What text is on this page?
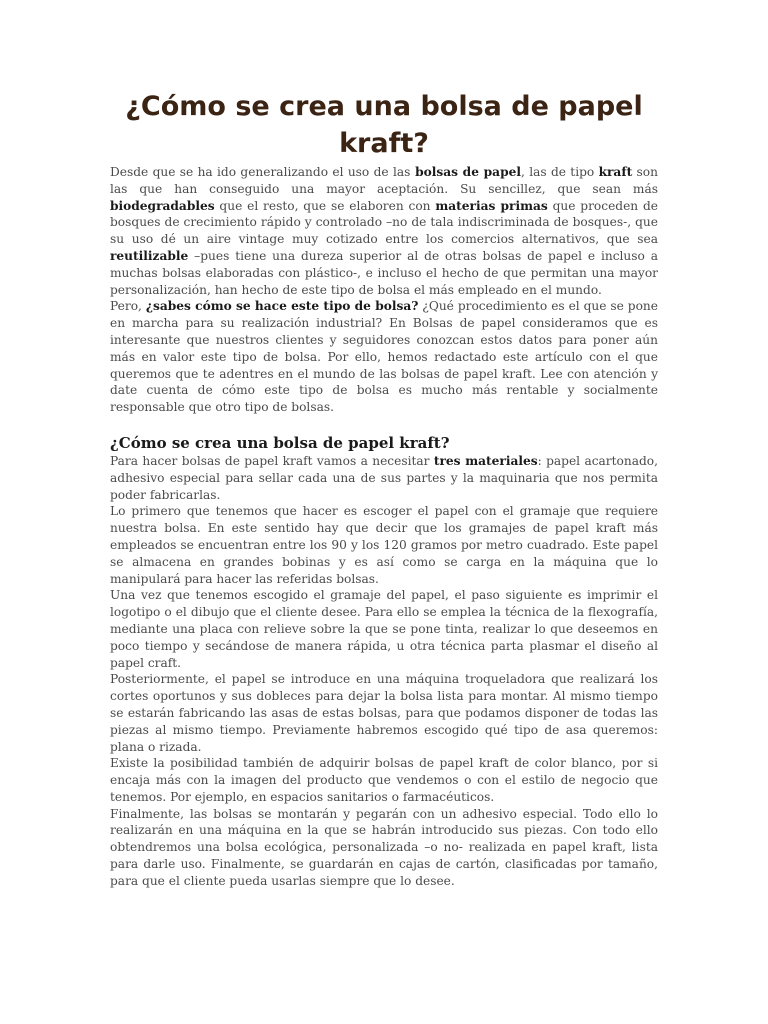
¿Cómo se crea una bolsa de papel kraft?

Desde que se ha ido generalizando el uso de las bolsas de papel, las de tipo kraft son las que han conseguido una mayor aceptación. Su sencillez, que sean más biodegradables que el resto, que se elaboren con materias primas que proceden de bosques de crecimiento rápido y controlado –no de tala indiscriminada de bosques-, que su uso dé un aire vintage muy cotizado entre los comercios alternativos, que sea reutilizable –pues tiene una dureza superior al de otras bolsas de papel e incluso a muchas bolsas elaboradas con plástico-, e incluso el hecho de que permitan una mayor personalización, han hecho de este tipo de bolsa el más empleado en el mundo.

Pero, ¿sabes cómo se hace este tipo de bolsa? ¿Qué procedimiento es el que se pone en marcha para su realización industrial? En Bolsas de papel consideramos que es interesante que nuestros clientes y seguidores conozcan estos datos para poner aún más en valor este tipo de bolsa. Por ello, hemos redactado este artículo con el que queremos que te adentres en el mundo de las bolsas de papel kraft. Lee con atención y date cuenta de cómo este tipo de bolsa es mucho más rentable y socialmente responsable que otro tipo de bolsas.

¿Cómo se crea una bolsa de papel kraft?

Para hacer bolsas de papel kraft vamos a necesitar tres materiales: papel acartonado, adhesivo especial para sellar cada una de sus partes y la maquinaria que nos permita poder fabricarlas.

Lo primero que tenemos que hacer es escoger el papel con el gramaje que requiere nuestra bolsa. En este sentido hay que decir que los gramajes de papel kraft más empleados se encuentran entre los 90 y los 120 gramos por metro cuadrado. Este papel se almacena en grandes bobinas y es así como se carga en la máquina que lo manipulará para hacer las referidas bolsas.

Una vez que tenemos escogido el gramaje del papel, el paso siguiente es imprimir el logotipo o el dibujo que el cliente desee. Para ello se emplea la técnica de la flexografía, mediante una placa con relieve sobre la que se pone tinta, realizar lo que deseemos en poco tiempo y secándose de manera rápida, u otra técnica parta plasmar el diseño al papel craft.

Posteriormente, el papel se introduce en una máquina troqueladora que realizará los cortes oportunos y sus dobleces para dejar la bolsa lista para montar. Al mismo tiempo se estarán fabricando las asas de estas bolsas, para que podamos disponer de todas las piezas al mismo tiempo. Previamente habremos escogido qué tipo de asa queremos: plana o rizada.

Existe la posibilidad también de adquirir bolsas de papel kraft de color blanco, por si encaja más con la imagen del producto que vendemos o con el estilo de negocio que tenemos. Por ejemplo, en espacios sanitarios o farmacéuticos.

Finalmente, las bolsas se montarán y pegarán con un adhesivo especial. Todo ello lo realizarán en una máquina en la que se habrán introducido sus piezas. Con todo ello obtendremos una bolsa ecológica, personalizada –o no- realizada en papel kraft, lista para darle uso. Finalmente, se guardarán en cajas de cartón, clasificadas por tamaño, para que el cliente pueda usarlas siempre que lo desee.
